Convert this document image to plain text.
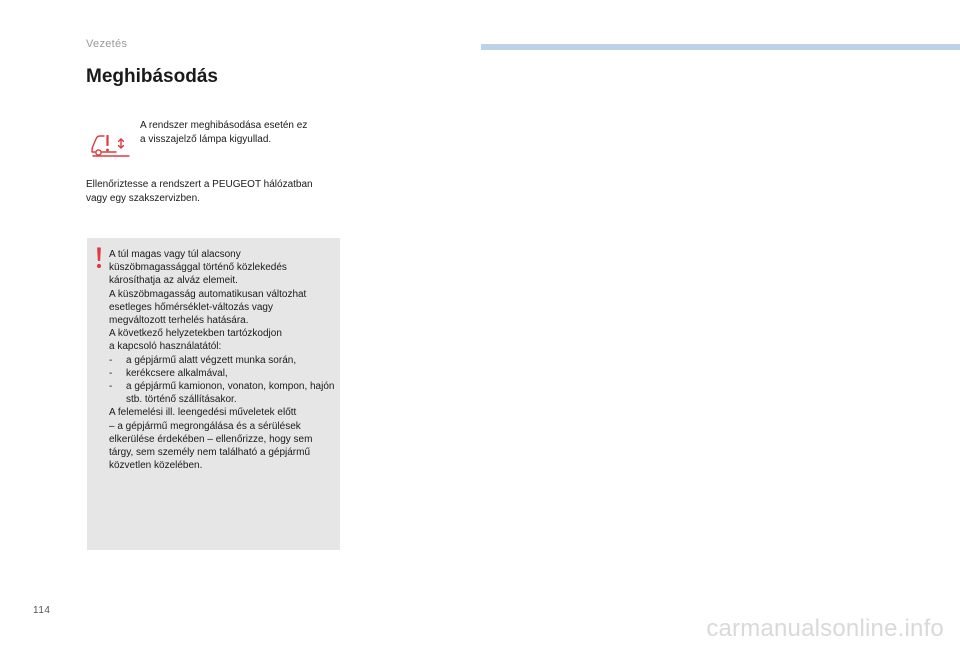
Vezetés
Meghibásodás
A rendszer meghibásodása esetén ez
a visszajelző lámpa kigyullad.
Ellenőriztesse a rendszert a PEUGEOT hálózatban
vagy egy szakszervizben.

A túl magas vagy túl alacsony

küszöbmagassággal történő közlekedés

károsíthatja az alváz elemeit.

A küszöbmagasság automatikusan változhat

esetleges hőmérséklet-változás vagy

megváltozott terhelés hatására.

A következő helyzetekben tartózkodjon

a kapcsoló használatától:

- a gépjármű alatt végzett munka során,
- kerékcsere alkalmával,
- a gépjármű kamionon, vonaton, kompon, hajón stb. történő szállításakor.

A felemelési ill. leengedési műveletek előtt

– a gépjármű megrongálása és a sérülések

elkerülése érdekében – ellenőrizze, hogy sem

tárgy, sem személy nem található a gépjármű

közvetlen közelében.

114
carmanualsonline.info
